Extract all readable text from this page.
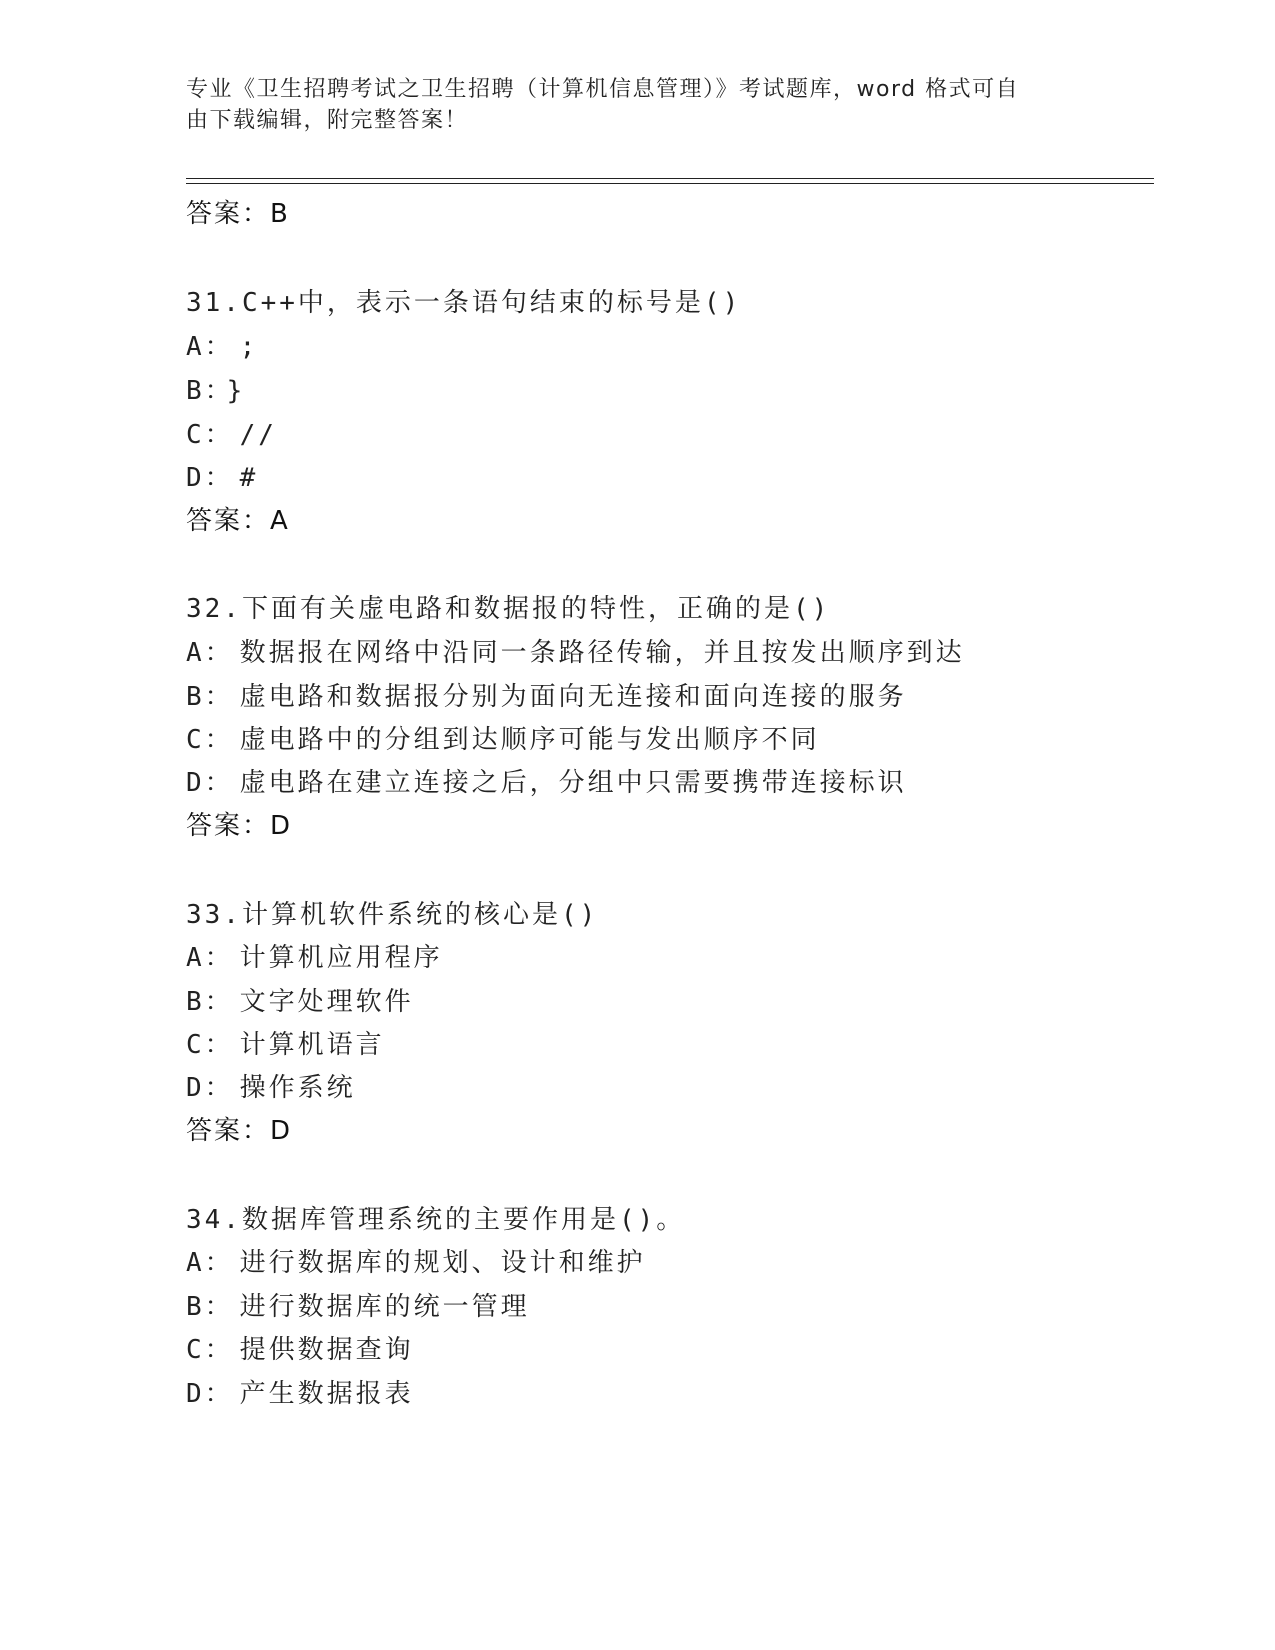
专业《卫生招聘考试之卫生招聘（计算机信息管理）》考试题库，word 格式可自
由下载编辑，附完整答案！
答案：B
31.C++中，表示一条语句结束的标号是()
A： ;
B： }
C： //
D： #
答案：A
32.下面有关虚电路和数据报的特性，正确的是()
A： 数据报在网络中沿同一条路径传输，并且按发出顺序到达
B： 虚电路和数据报分别为面向无连接和面向连接的服务
C： 虚电路中的分组到达顺序可能与发出顺序不同
D： 虚电路在建立连接之后，分组中只需要携带连接标识
答案：D
33.计算机软件系统的核心是()
A： 计算机应用程序
B： 文字处理软件
C： 计算机语言
D： 操作系统
答案：D
34.数据库管理系统的主要作用是()。
A： 进行数据库的规划、设计和维护
B： 进行数据库的统一管理
C： 提供数据查询
D： 产生数据报表
